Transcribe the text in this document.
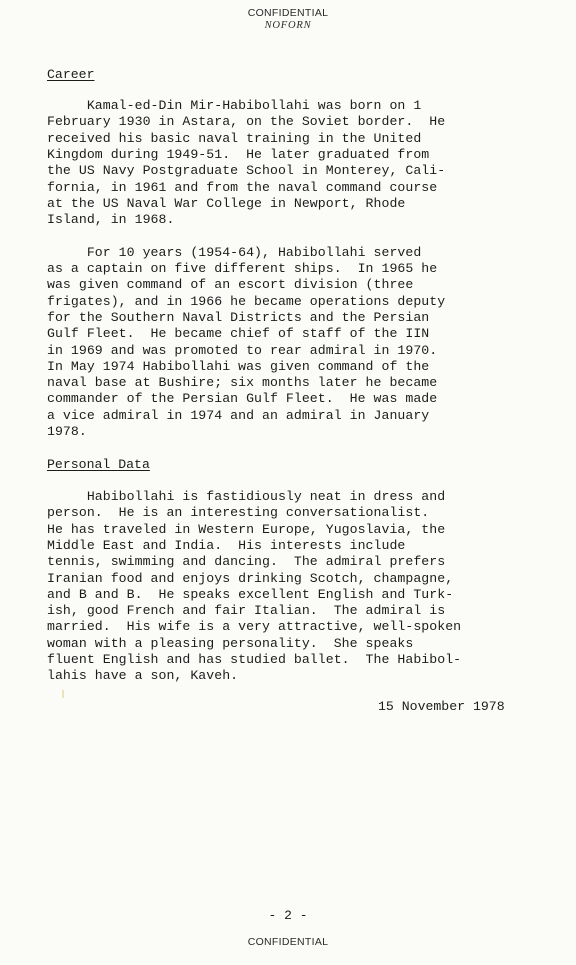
CONFIDENTIAL
NOFORN
Career
Kamal-ed-Din Mir-Habibollahi was born on 1
February 1930 in Astara, on the Soviet border.  He
received his basic naval training in the United
Kingdom during 1949-51.  He later graduated from
the US Navy Postgraduate School in Monterey, Cali-
fornia, in 1961 and from the naval command course
at the US Naval War College in Newport, Rhode
Island, in 1968.
For 10 years (1954-64), Habibollahi served
as a captain on five different ships.  In 1965 he
was given command of an escort division (three
frigates), and in 1966 he became operations deputy
for the Southern Naval Districts and the Persian
Gulf Fleet.  He became chief of staff of the IIN
in 1969 and was promoted to rear admiral in 1970.
In May 1974 Habibollahi was given command of the
naval base at Bushire; six months later he became
commander of the Persian Gulf Fleet.  He was made
a vice admiral in 1974 and an admiral in January
1978.
Personal Data
Habibollahi is fastidiously neat in dress and
person.  He is an interesting conversationalist.
He has traveled in Western Europe, Yugoslavia, the
Middle East and India.  His interests include
tennis, swimming and dancing.  The admiral prefers
Iranian food and enjoys drinking Scotch, champagne,
and B and B.  He speaks excellent English and Turk-
ish, good French and fair Italian.  The admiral is
married.  His wife is a very attractive, well-spoken
woman with a pleasing personality.  She speaks
fluent English and has studied ballet.  The Habibol-
lahis have a son, Kaveh.
15 November 1978
- 2 -
CONFIDENTIAL
